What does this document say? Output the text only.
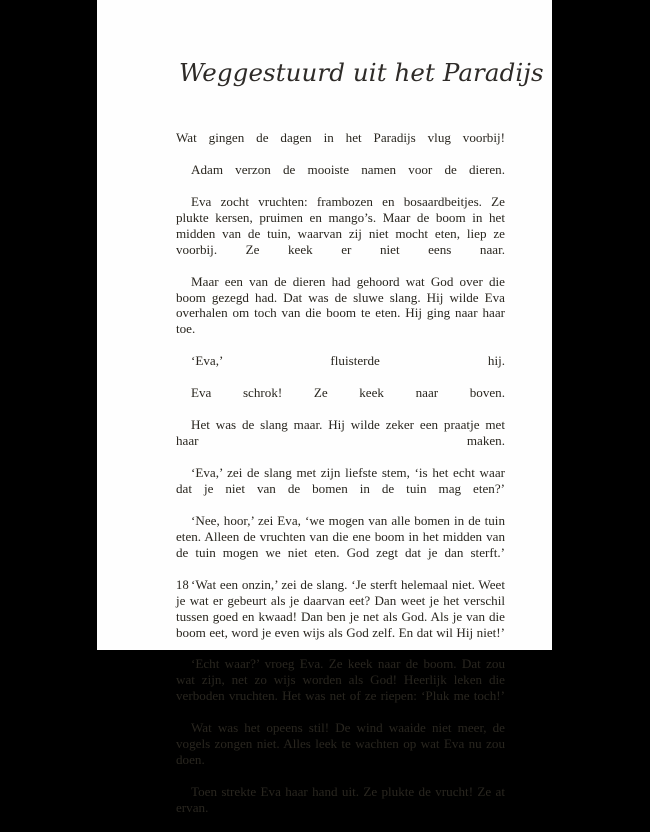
Weggestuurd uit het Paradijs

Wat gingen de dagen in het Paradijs vlug voorbij!

Adam verzon de mooiste namen voor de dieren.

Eva zocht vruchten: frambozen en bosaardbeitjes. Ze plukte kersen, pruimen en mango’s. Maar de boom in het midden van de tuin, waarvan zij niet mocht eten, liep ze voorbij. Ze keek er niet eens naar.

Maar een van de dieren had gehoord wat God over die boom gezegd had. Dat was de sluwe slang. Hij wilde Eva overhalen om toch van die boom te eten. Hij ging naar haar toe.

‘Eva,’ fluisterde hij.

Eva schrok! Ze keek naar boven.

Het was de slang maar. Hij wilde zeker een praatje met haar maken.

‘Eva,’ zei de slang met zijn liefste stem, ‘is het echt waar dat je niet van de bomen in de tuin mag eten?’

‘Nee, hoor,’ zei Eva, ‘we mogen van alle bomen in de tuin eten. Alleen de vruchten van die ene boom in het midden van de tuin mogen we niet eten. God zegt dat je dan sterft.’

‘Wat een onzin,’ zei de slang. ‘Je sterft helemaal niet. Weet je wat er gebeurt als je daarvan eet? Dan weet je het verschil tussen goed en kwaad! Dan ben je net als God. Als je van die boom eet, word je even wijs als God zelf. En dat wil Hij niet!’

‘Echt waar?’ vroeg Eva. Ze keek naar de boom. Dat zou wat zijn, net zo wijs worden als God! Heerlijk leken die verboden vruchten. Het was net of ze riepen: ‘Pluk me toch!’

Wat was het opeens stil! De wind waaide niet meer, de vogels zongen niet. Alles leek te wachten op wat Eva nu zou doen.

Toen strekte Eva haar hand uit. Ze plukte de vrucht! Ze at ervan.

18
